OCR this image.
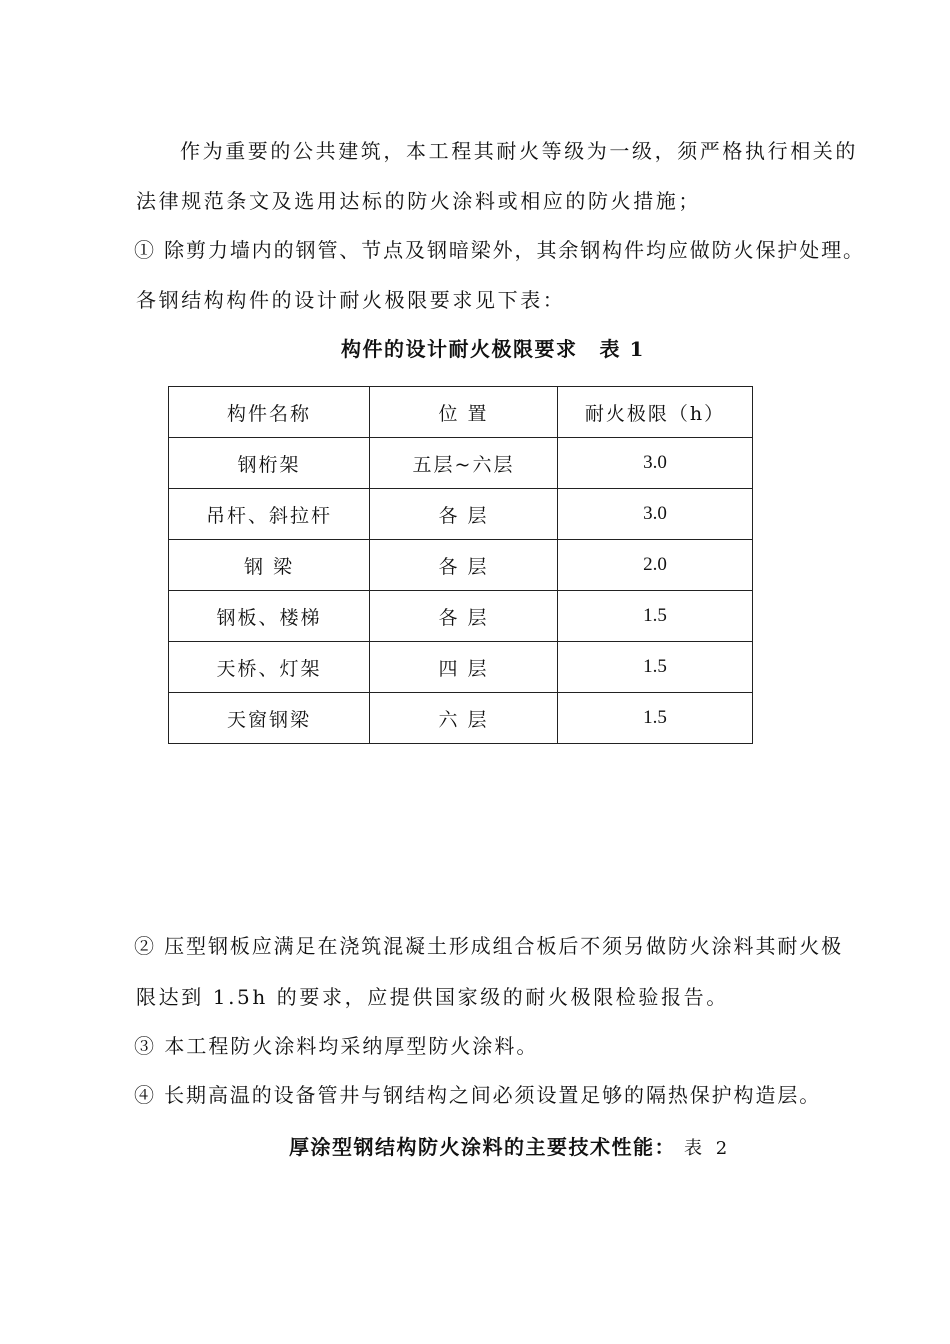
作为重要的公共建筑，本工程其耐火等级为一级，须严格执行相关的
法律规范条文及选用达标的防火涂料或相应的防火措施；
① 除剪力墙内的钢管、节点及钢暗梁外，其余钢构件均应做防火保护处理。
各钢结构构件的设计耐火极限要求见下表：
构件的设计耐火极限要求 表 1
构件名称	位 置	耐火极限（h）
钢桁架	五层~六层	3.0
吊杆、斜拉杆	各 层	3.0
钢 梁	各 层	2.0
钢板、楼梯	各 层	1.5
天桥、灯架	四 层	1.5
天窗钢梁	六 层	1.5
② 压型钢板应满足在浇筑混凝土形成组合板后不须另做防火涂料其耐火极
限达到 1.5h 的要求，应提供国家级的耐火极限检验报告。
③ 本工程防火涂料均采纳厚型防火涂料。
④ 长期高温的设备管井与钢结构之间必须设置足够的隔热保护构造层。
厚涂型钢结构防火涂料的主要技术性能： 表 2
